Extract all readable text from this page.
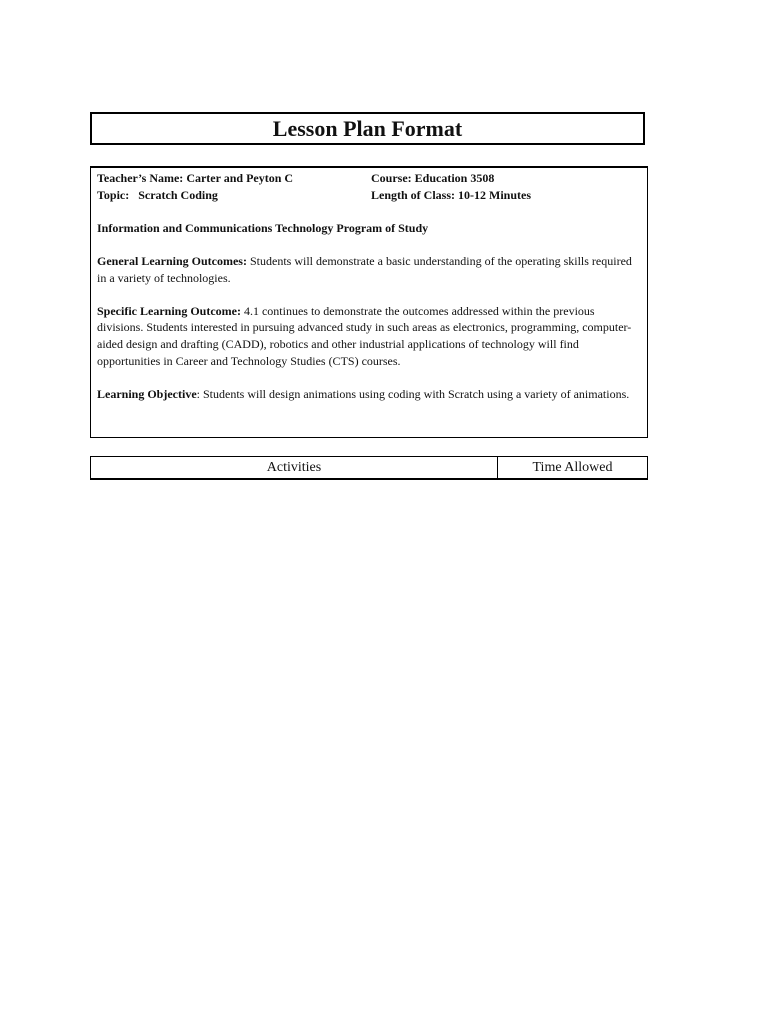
Lesson Plan Format
Teacher’s Name: Carter and Peyton C	Course: Education 3508
Topic: Scratch Coding	Length of Class: 10-12 Minutes
Information and Communications Technology Program of Study
General Learning Outcomes: Students will demonstrate a basic understanding of the operating skills required in a variety of technologies.
Specific Learning Outcome: 4.1 continues to demonstrate the outcomes addressed within the previous divisions. Students interested in pursuing advanced study in such areas as electronics, programming, computer-aided design and drafting (CADD), robotics and other industrial applications of technology will find opportunities in Career and Technology Studies (CTS) courses.
Learning Objective: Students will design animations using coding with Scratch using a variety of animations.
Activities	Time Allowed
